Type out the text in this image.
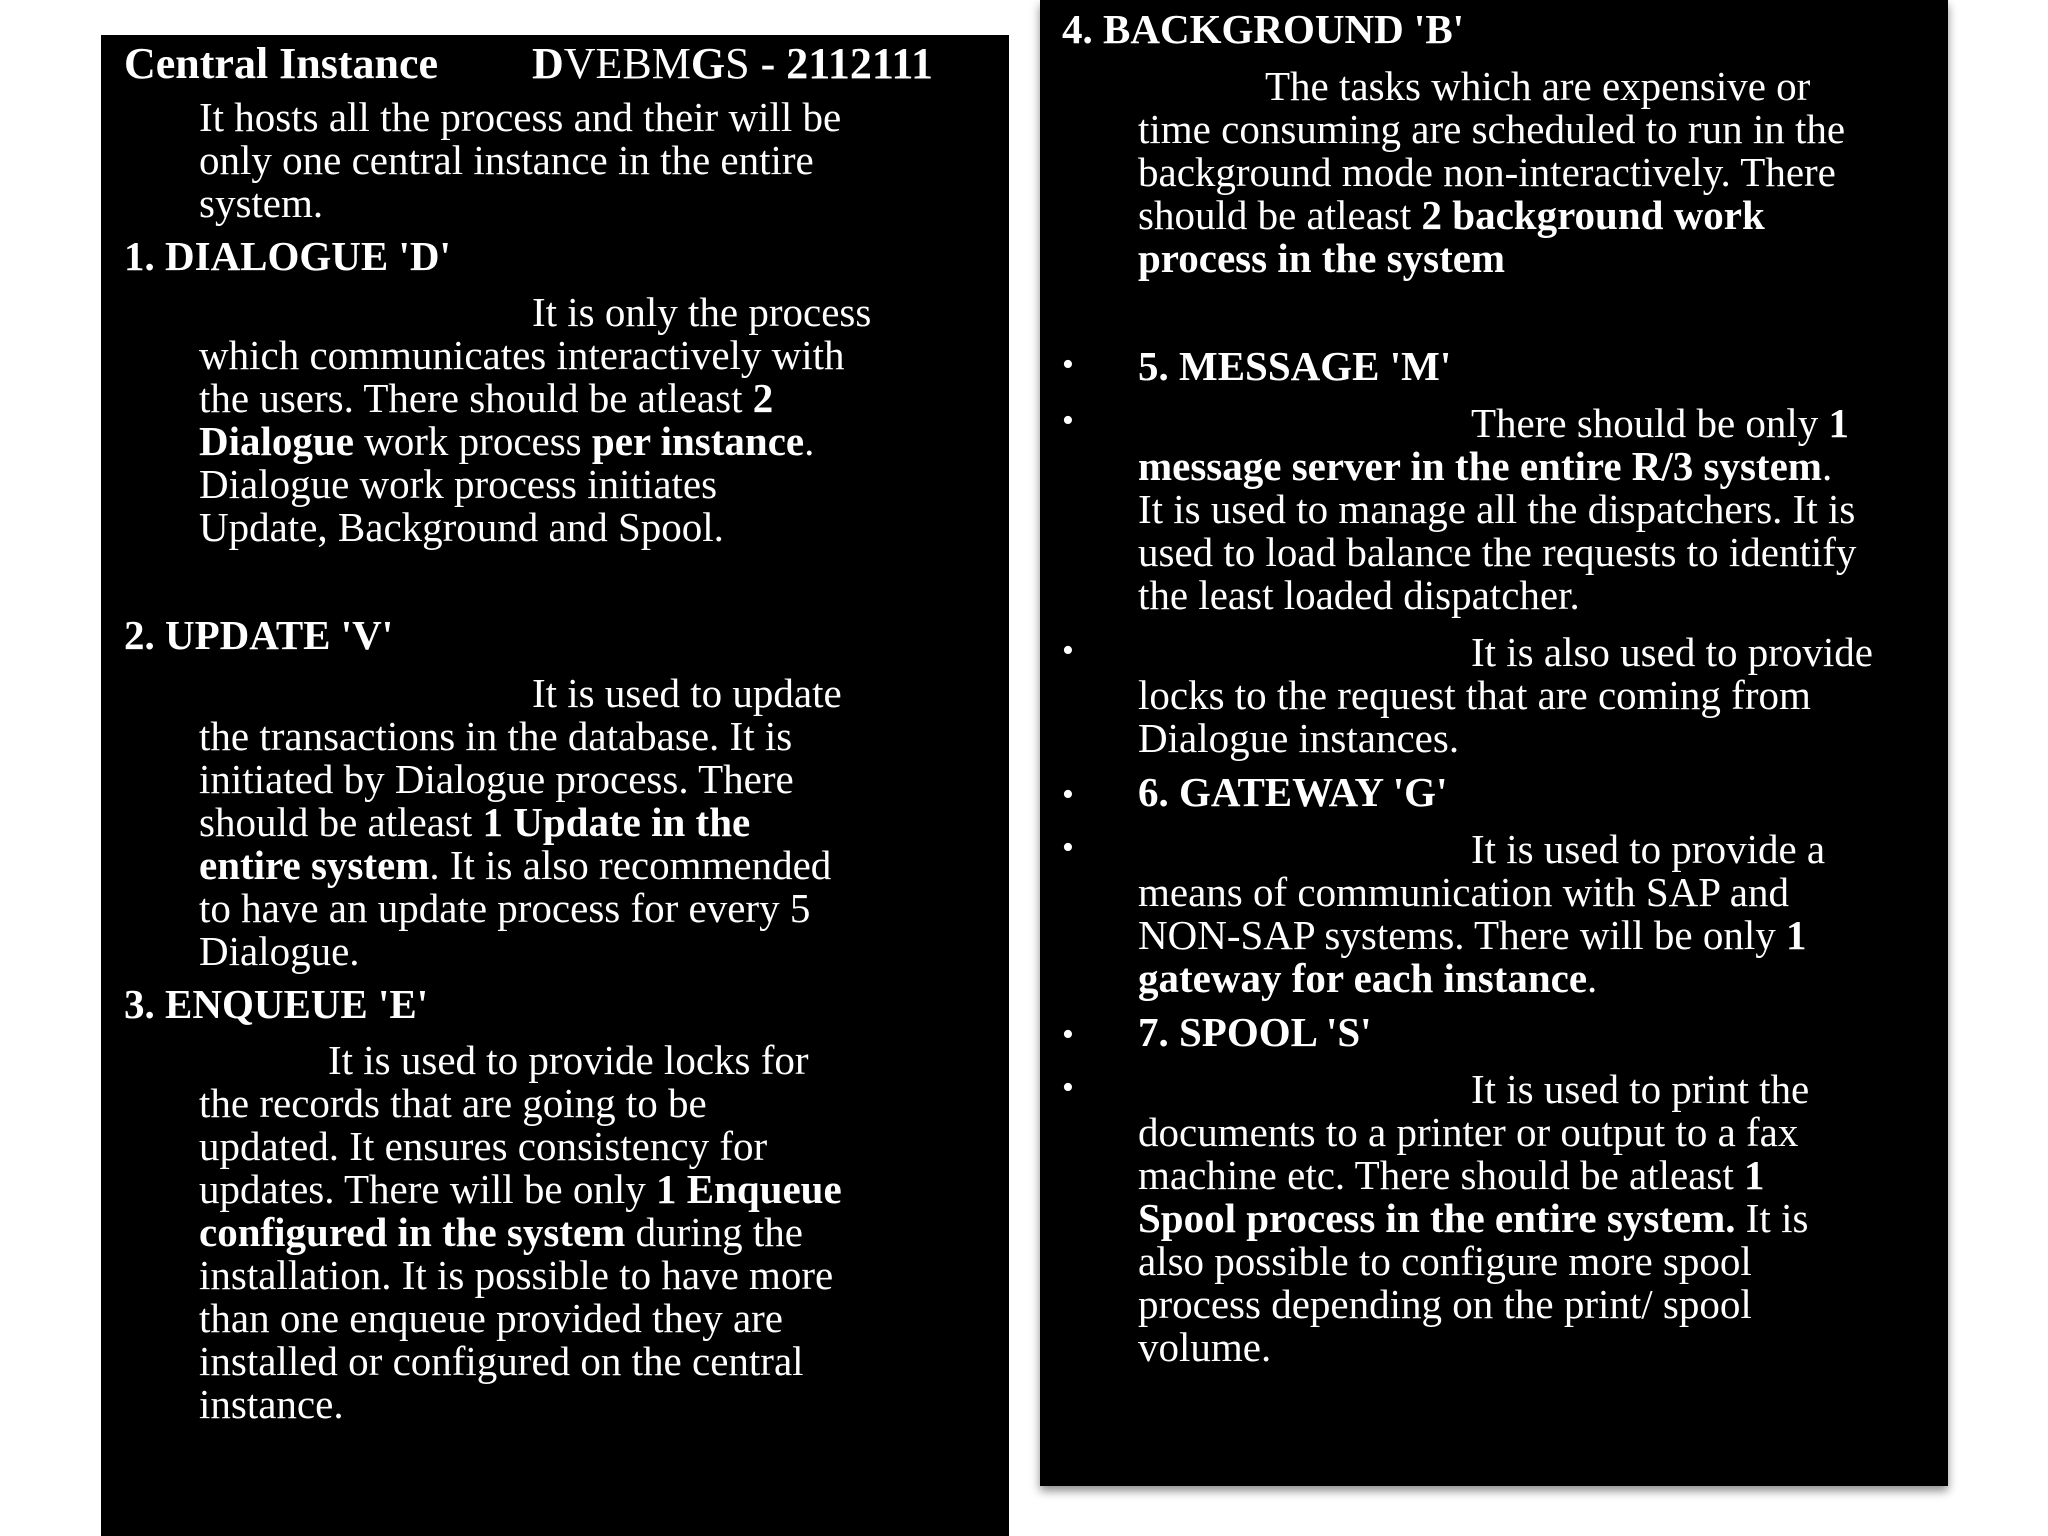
Central Instance DVEBMGS - 2112111
It hosts all the process and their will be
only one central instance in the entire
system.
1. DIALOGUE 'D'
It is only the process
which communicates interactively with
the users. There should be atleast 2
Dialogue work process per instance.
Dialogue work process initiates
Update, Background and Spool.
2. UPDATE 'V'
It is used to update
the transactions in the database. It is
initiated by Dialogue process. There
should be atleast 1 Update in the
entire system. It is also recommended
to have an update process for every 5
Dialogue.
3. ENQUEUE 'E'
It is used to provide locks for
the records that are going to be
updated. It ensures consistency for
updates. There will be only 1 Enqueue
configured in the system during the
installation. It is possible to have more
than one enqueue provided they are
installed or configured on the central
instance.
4. BACKGROUND 'B'
The tasks which are expensive or
time consuming are scheduled to run in the
background mode non-interactively. There
should be atleast 2 background work
process in the system
• 5. MESSAGE 'M'
•	There should be only 1
message server in the entire R/3 system.
It is used to manage all the dispatchers. It is
used to load balance the requests to identify
the least loaded dispatcher.
•	It is also used to provide
locks to the request that are coming from
Dialogue instances.
• 6. GATEWAY 'G'
•	It is used to provide a
means of communication with SAP and
NON-SAP systems. There will be only 1
gateway for each instance.
• 7. SPOOL 'S'
•	It is used to print the
documents to a printer or output to a fax
machine etc. There should be atleast 1
Spool process in the entire system. It is
also possible to configure more spool
process depending on the print/ spool
volume.
